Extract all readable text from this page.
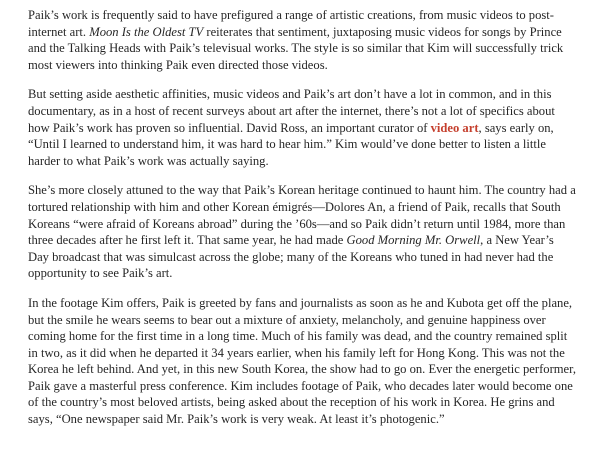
Paik’s work is frequently said to have prefigured a range of artistic creations, from music videos to post-internet art. Moon Is the Oldest TV reiterates that sentiment, juxtaposing music videos for songs by Prince and the Talking Heads with Paik’s televisual works. The style is so similar that Kim will successfully trick most viewers into thinking Paik even directed those videos.

But setting aside aesthetic affinities, music videos and Paik’s art don’t have a lot in common, and in this documentary, as in a host of recent surveys about art after the internet, there’s not a lot of specifics about how Paik’s work has proven so influential. David Ross, an important curator of video art, says early on, “Until I learned to understand him, it was hard to hear him.” Kim would’ve done better to listen a little harder to what Paik’s work was actually saying.

She’s more closely attuned to the way that Paik’s Korean heritage continued to haunt him. The country had a tortured relationship with him and other Korean émigrés—Dolores An, a friend of Paik, recalls that South Koreans “were afraid of Koreans abroad” during the ’60s—and so Paik didn’t return until 1984, more than three decades after he first left it. That same year, he had made Good Morning Mr. Orwell, a New Year’s Day broadcast that was simulcast across the globe; many of the Koreans who tuned in had never had the opportunity to see Paik’s art.

In the footage Kim offers, Paik is greeted by fans and journalists as soon as he and Kubota get off the plane, but the smile he wears seems to bear out a mixture of anxiety, melancholy, and genuine happiness over coming home for the first time in a long time. Much of his family was dead, and the country remained split in two, as it did when he departed it 34 years earlier, when his family left for Hong Kong. This was not the Korea he left behind. And yet, in this new South Korea, the show had to go on. Ever the energetic performer, Paik gave a masterful press conference. Kim includes footage of Paik, who decades later would become one of the country’s most beloved artists, being asked about the reception of his work in Korea. He grins and says, “One newspaper said Mr. Paik’s work is very weak. At least it’s photogenic.”
